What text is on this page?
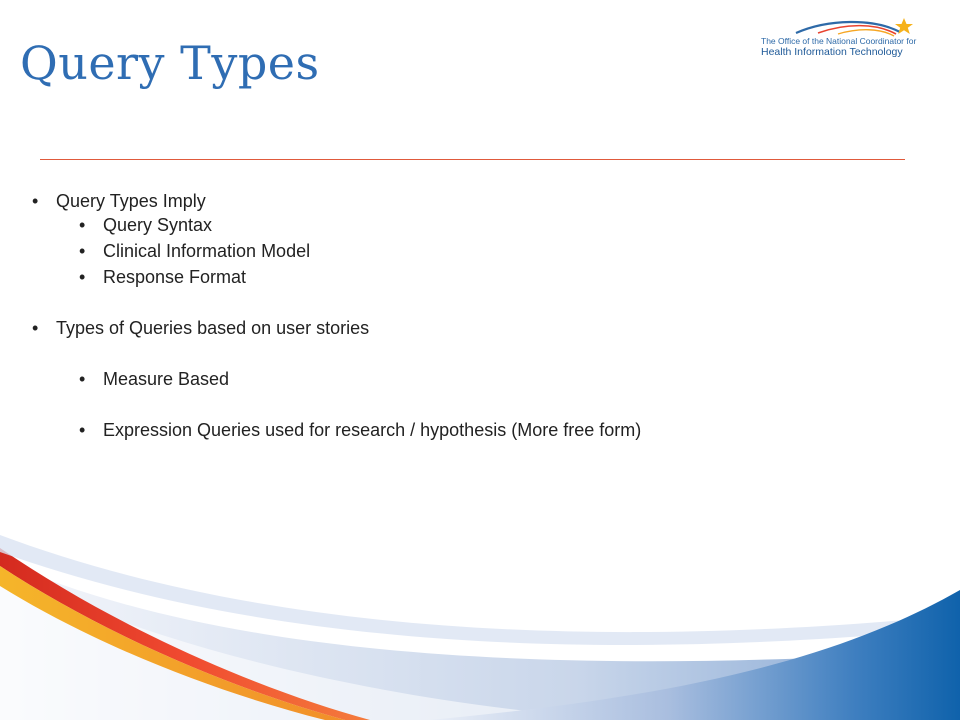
Query Types	The Office of the National Coordinator for
Health Information Technology
• Query Types Imply
• Query Syntax
• Clinical Information Model
• Response Format
• Types of Queries based on user stories
• Measure Based
• Expression Queries used for research / hypothesis (More free form)
